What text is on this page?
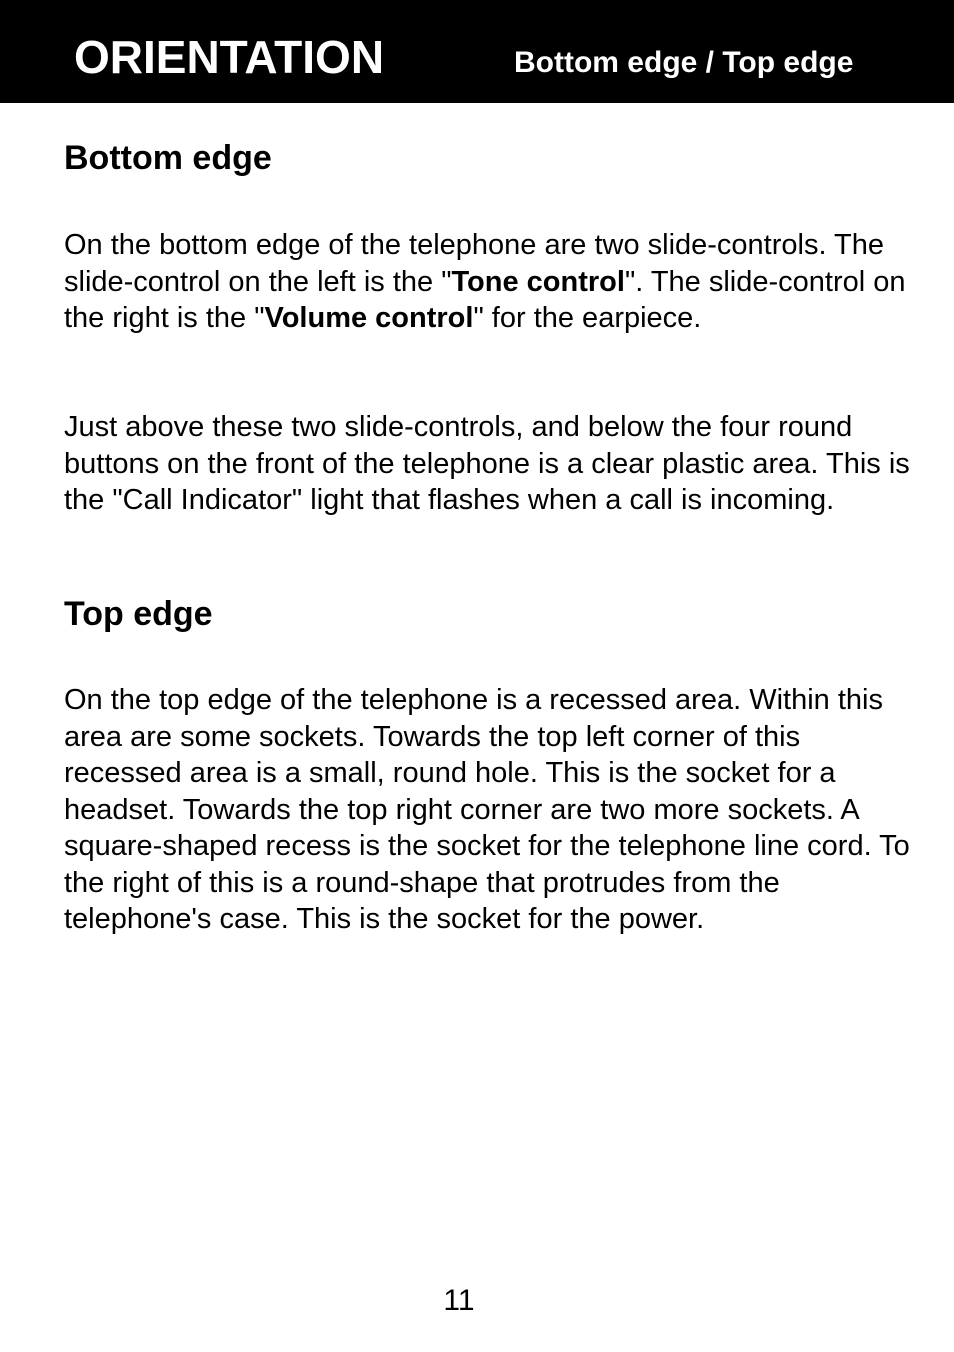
ORIENTATION	Bottom edge / Top edge
Bottom edge

On the bottom edge of the telephone are two slide-controls. The slide-control on the left is the "Tone control". The slide-control on the right is the "Volume control" for the earpiece.

Just above these two slide-controls, and below the four round buttons on the front of the telephone is a clear plastic area. This is the "Call Indicator" light that flashes when a call is incoming.

Top edge

On the top edge of the telephone is a recessed area. Within this area are some sockets. Towards the top left corner of this recessed area is a small, round hole. This is the socket for a headset. Towards the top right corner are two more sockets. A square-shaped recess is the socket for the telephone line cord. To the right of this is a round-shape that protrudes from the telephone's case. This is the socket for the power.

11
